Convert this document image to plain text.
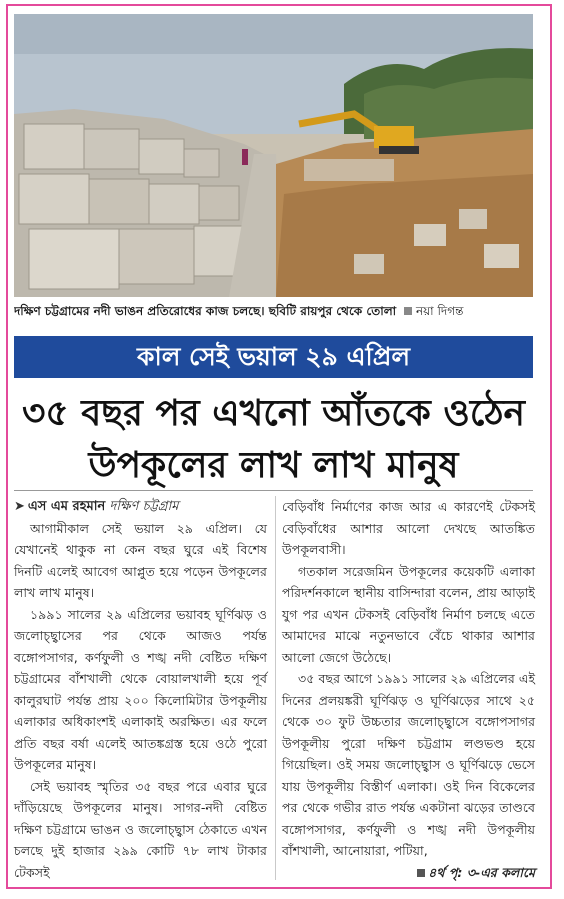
দক্ষিণ চট্টগ্রামের নদী ভাঙন প্রতিরোধের কাজ চলছে। ছবিটি রায়পুর থেকে তোলা নয়া দিগন্ত
কাল সেই ভয়াল ২৯ এপ্রিল
৩৫ বছর পর এখনো আঁতকে ওঠেন
উপকূলের লাখ লাখ মানুষ
➤ এস এম রহমান দক্ষিণ চট্টগ্রাম

আগামীকাল সেই ভয়াল ২৯ এপ্রিল। যে যেখানেই থাকুক না কেন বছর ঘুরে এই বিশেষ দিনটি এলেই আবেগ আপ্লুত হয়ে পড়েন উপকূলের লাখ লাখ মানুষ।

১৯৯১ সালের ২৯ এপ্রিলের ভয়াবহ ঘূর্ণিঝড় ও জলোচ্ছ্বাসের পর থেকে আজও পর্যন্ত বঙ্গোপসাগর, কর্ণফুলী ও শঙ্খ নদী বেষ্টিত দক্ষিণ চট্টগ্রামের বাঁশখালী থেকে বোয়ালখালী হয়ে পূর্ব কালুরঘাট পর্যন্ত প্রায় ২০০ কিলোমিটার উপকূলীয় এলাকার অধিকাংশই এলাকাই অরক্ষিত। এর ফলে প্রতি বছর বর্ষা এলেই আতঙ্কগ্রস্ত হয়ে ওঠে পুরো উপকূলের মানুষ।

সেই ভয়াবহ স্মৃতির ৩৫ বছর পরে এবার ঘুরে দাঁড়িয়েছে উপকূলের মানুষ। সাগর-নদী বেষ্টিত দক্ষিণ চট্টগ্রামে ভাঙন ও জলোচ্ছ্বাস ঠেকাতে এখন চলছে দুই হাজার ২৯৯ কোটি ৭৮ লাখ টাকার টেকসই

বেড়িবাঁধ নির্মাণের কাজ আর এ কারণেই টেকসই বেড়িবাঁধের আশার আলো দেখছে আতঙ্কিত উপকূলবাসী।

গতকাল সরেজমিন উপকূলের কয়েকটি এলাকা পরিদর্শনকালে স্থানীয় বাসিন্দারা বলেন, প্রায় আড়াই যুগ পর এখন টেকসই বেড়িবাঁধ নির্মাণ চলছে এতে আমাদের মাঝে নতুনভাবে বেঁচে থাকার আশার আলো জেগে উঠেছে।

৩৫ বছর আগে ১৯৯১ সালের ২৯ এপ্রিলের এই দিনের প্রলয়ঙ্করী ঘূর্ণিঝড় ও ঘূর্ণিঝড়ের সাথে ২৫ থেকে ৩০ ফুট উচ্চতার জলোচ্ছ্বাসে বঙ্গোপসাগর উপকূলীয় পুরো দক্ষিণ চট্টগ্রাম লণ্ডভণ্ড হয়ে গিয়েছিল। ওই সময় জলোচ্ছ্বাস ও ঘূর্ণিঝড়ে ভেসে যায় উপকূলীয় বিস্তীর্ণ এলাকা। ওই দিন বিকেলের পর থেকে গভীর রাত পর্যন্ত একটানা ঝড়ের তাণ্ডবে বঙ্গোপসাগর, কর্ণফুলী ও শঙ্খ নদী উপকূলীয় বাঁশখালী, আনোয়ারা, পটিয়া,

৪র্থ পৃ: ৩-এর কলামে
